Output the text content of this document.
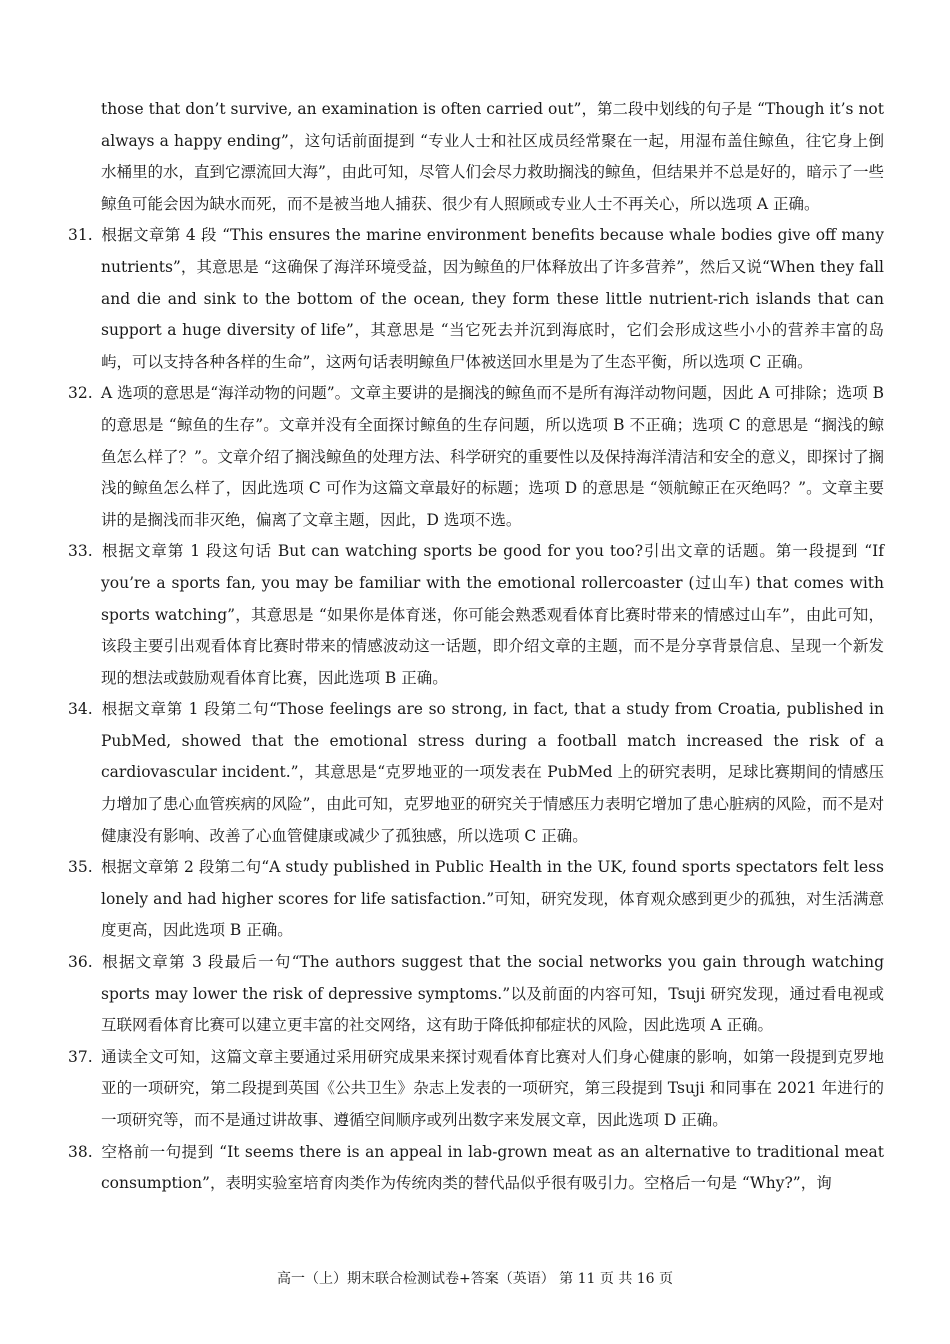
those that don’t survive, an examination is often carried out”，第二段中划线的句子是 “Though it’s not always a happy ending”，这句话前面提到 “专业人士和社区成员经常聚在一起，用湿布盖住鲸鱼，往它身上倒水桶里的水，直到它漂流回大海”，由此可知，尽管人们会尽力救助搁浅的鲸鱼，但结果并不总是好的，暗示了一些鲸鱼可能会因为缺水而死，而不是被当地人捕获、很少有人照顾或专业人士不再关心，所以选项 A 正确。

31. 根据文章第 4 段 “This ensures the marine environment benefits because whale bodies give off many nutrients”，其意思是 “这确保了海洋环境受益，因为鲸鱼的尸体释放出了许多营养”，然后又说“When they fall and die and sink to the bottom of the ocean, they form these little nutrient-rich islands that can support a huge diversity of life”，其意思是 “当它死去并沉到海底时，它们会形成这些小小的营养丰富的岛屿，可以支持各种各样的生命”，这两句话表明鲸鱼尸体被送回水里是为了生态平衡，所以选项 C 正确。

32. A 选项的意思是“海洋动物的问题”。文章主要讲的是搁浅的鲸鱼而不是所有海洋动物问题，因此 A 可排除；选项 B 的意思是 “鲸鱼的生存”。文章并没有全面探讨鲸鱼的生存问题，所以选项 B 不正确；选项 C 的意思是 “搁浅的鲸鱼怎么样了？”。文章介绍了搁浅鲸鱼的处理方法、科学研究的重要性以及保持海洋清洁和安全的意义，即探讨了搁浅的鲸鱼怎么样了，因此选项 C 可作为这篇文章最好的标题；选项 D 的意思是 “领航鲸正在灭绝吗？”。文章主要讲的是搁浅而非灭绝，偏离了文章主题，因此，D 选项不选。

33. 根据文章第 1 段这句话 But can watching sports be good for you too?引出文章的话题。第一段提到 “If you’re a sports fan, you may be familiar with the emotional rollercoaster (过山车) that comes with sports watching”，其意思是 “如果你是体育迷，你可能会熟悉观看体育比赛时带来的情感过山车”，由此可知，该段主要引出观看体育比赛时带来的情感波动这一话题，即介绍文章的主题，而不是分享背景信息、呈现一个新发现的想法或鼓励观看体育比赛，因此选项 B 正确。

34. 根据文章第 1 段第二句“Those feelings are so strong, in fact, that a study from Croatia, published in PubMed, showed that the emotional stress during a football match increased the risk of a cardiovascular incident.”，其意思是“克罗地亚的一项发表在 PubMed 上的研究表明，足球比赛期间的情感压力增加了患心血管疾病的风险”，由此可知，克罗地亚的研究关于情感压力表明它增加了患心脏病的风险，而不是对健康没有影响、改善了心血管健康或减少了孤独感，所以选项 C 正确。

35. 根据文章第 2 段第二句“A study published in Public Health in the UK, found sports spectators felt less lonely and had higher scores for life satisfaction.”可知，研究发现，体育观众感到更少的孤独，对生活满意度更高，因此选项 B 正确。

36. 根据文章第 3 段最后一句“The authors suggest that the social networks you gain through watching sports may lower the risk of depressive symptoms.”以及前面的内容可知，Tsuji 研究发现，通过看电视或互联网看体育比赛可以建立更丰富的社交网络，这有助于降低抑郁症状的风险，因此选项 A 正确。

37. 通读全文可知，这篇文章主要通过采用研究成果来探讨观看体育比赛对人们身心健康的影响，如第一段提到克罗地亚的一项研究，第二段提到英国《公共卫生》杂志上发表的一项研究，第三段提到 Tsuji 和同事在 2021 年进行的一项研究等，而不是通过讲故事、遵循空间顺序或列出数字来发展文章，因此选项 D 正确。

38. 空格前一句提到 “It seems there is an appeal in lab-grown meat as an alternative to traditional meat consumption”，表明实验室培育肉类作为传统肉类的替代品似乎很有吸引力。空格后一句是 “Why?”，询

高一（上）期末联合检测试卷+答案（英语） 第 11 页 共 16 页
